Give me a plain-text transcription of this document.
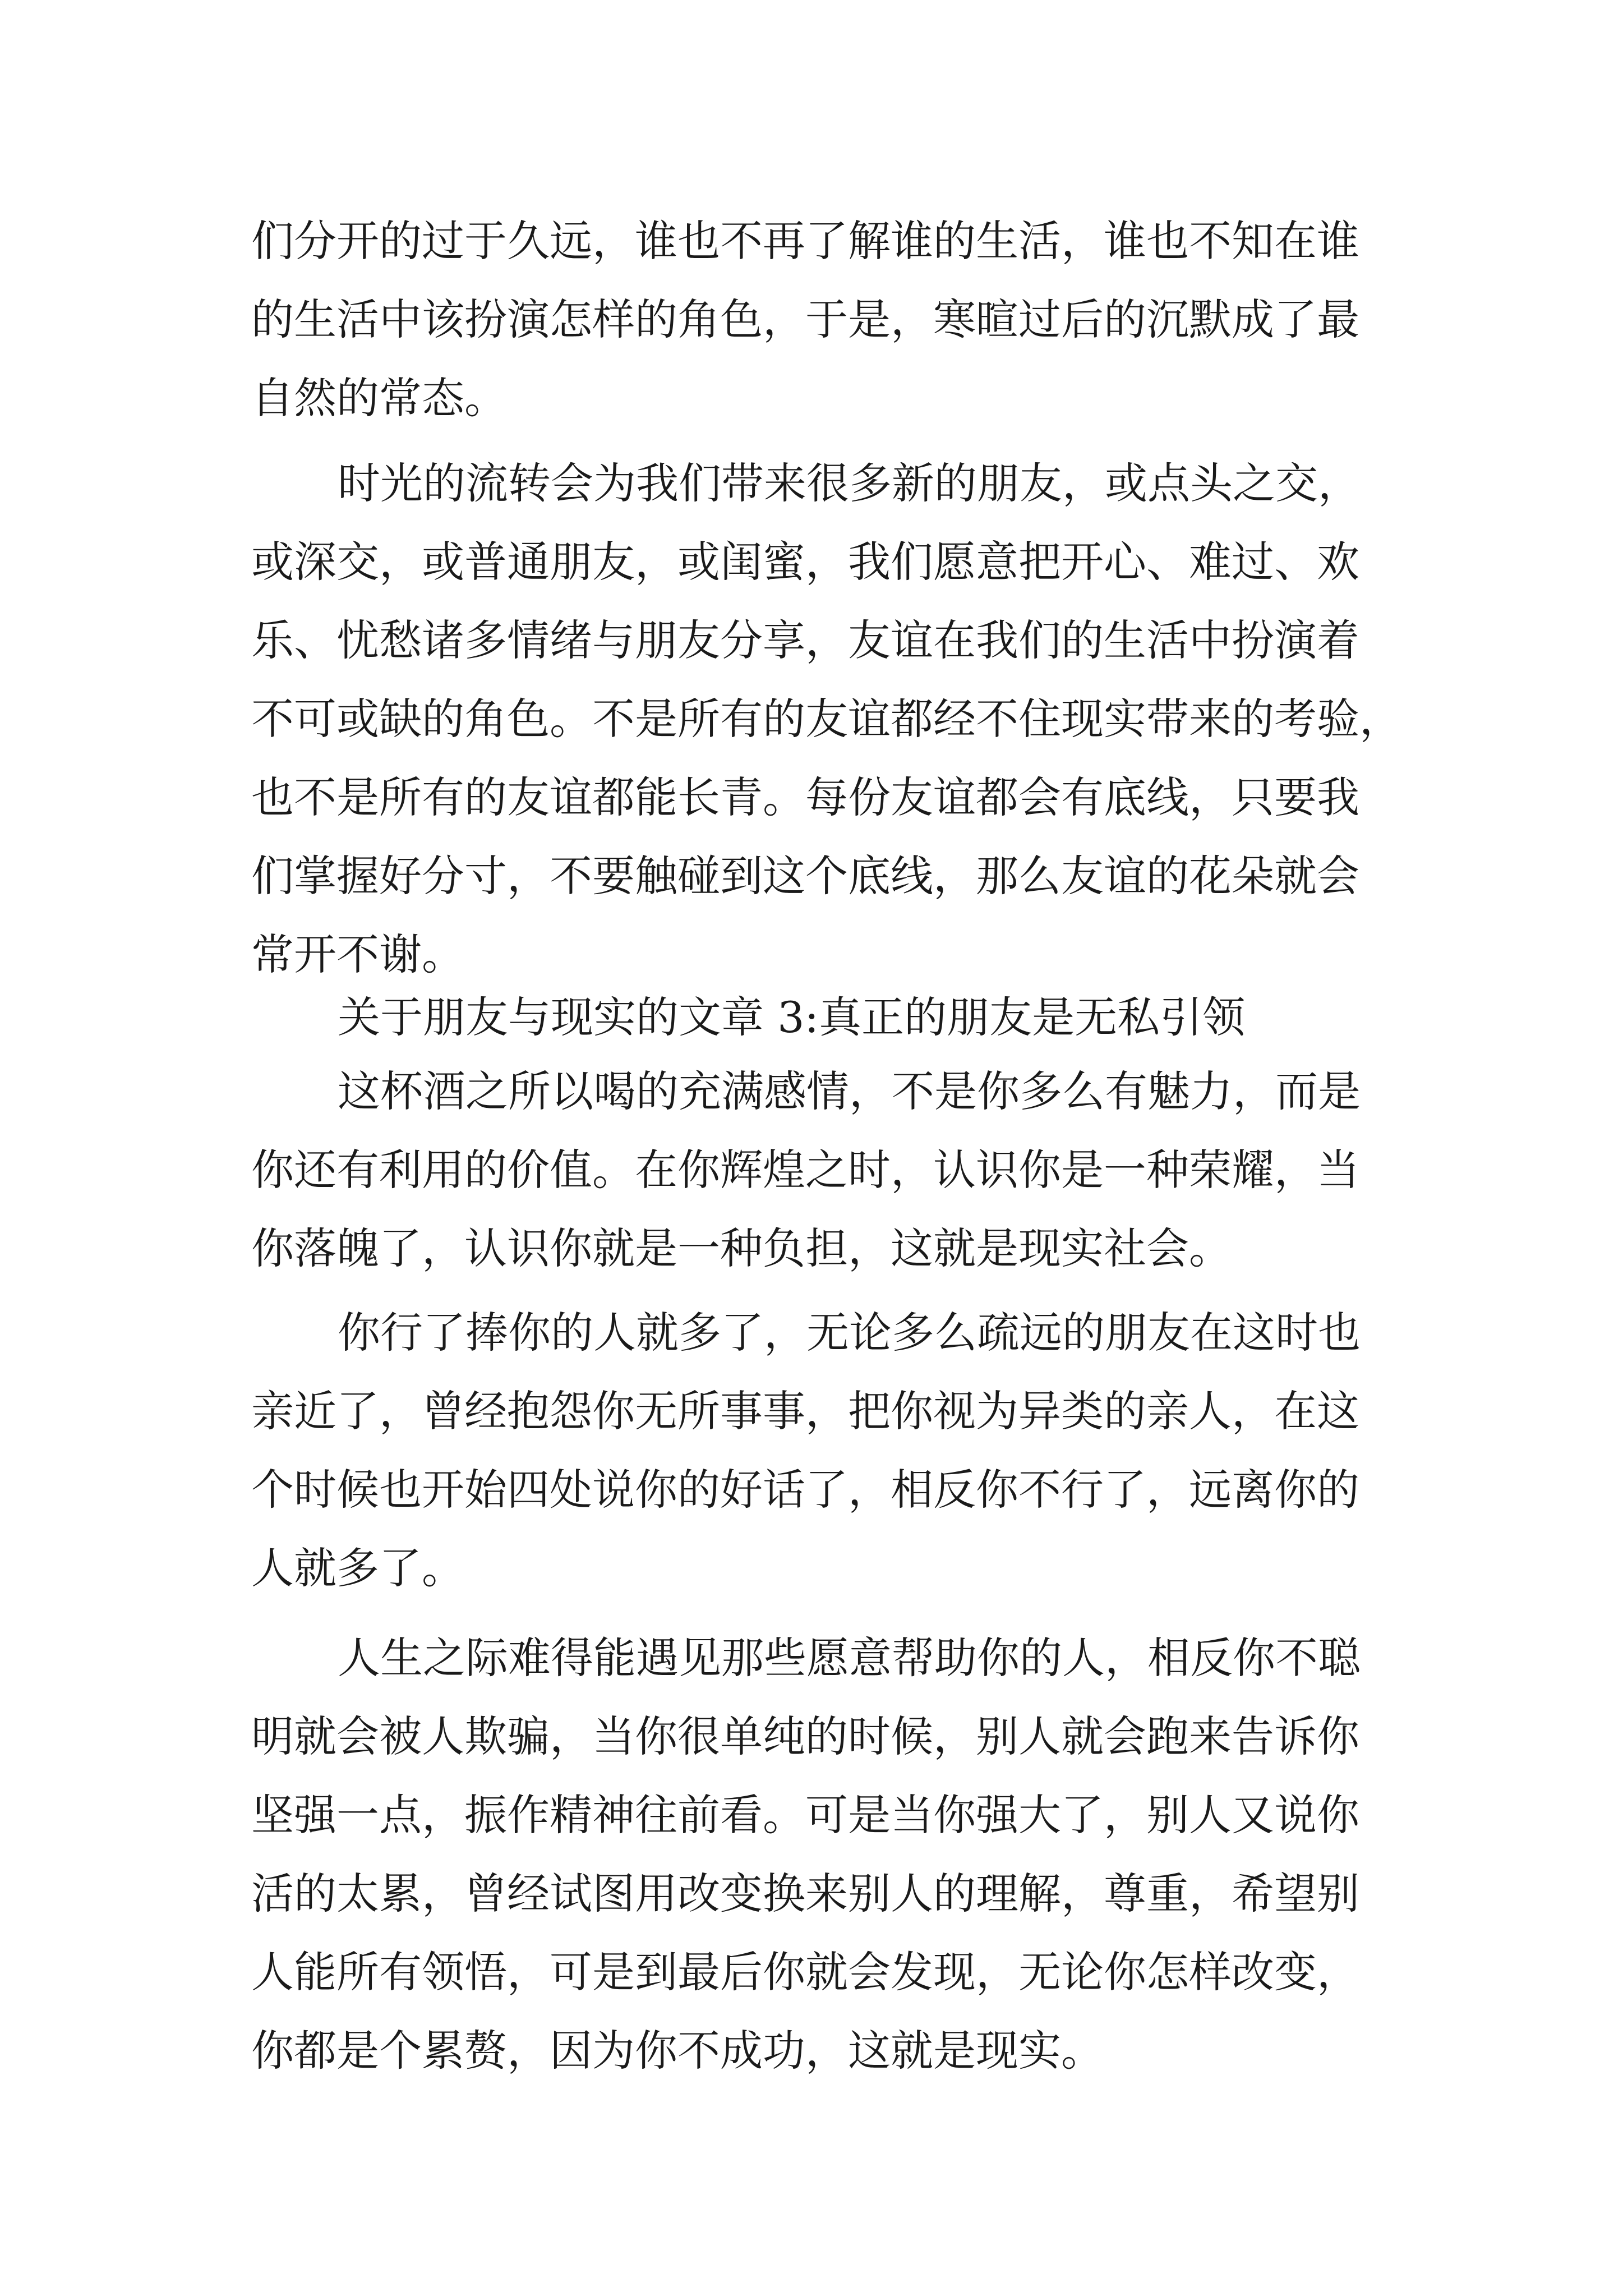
们分开的过于久远，谁也不再了解谁的生活，谁也不知在谁

的生活中该扮演怎样的角色，于是，寒暄过后的沉默成了最

自然的常态。

时光的流转会为我们带来很多新的朋友，或点头之交，

或深交，或普通朋友，或闺蜜，我们愿意把开心、难过、欢

乐、忧愁诸多情绪与朋友分享，友谊在我们的生活中扮演着

不可或缺的角色。不是所有的友谊都经不住现实带来的考验，

也不是所有的友谊都能长青。每份友谊都会有底线，只要我

们掌握好分寸，不要触碰到这个底线，那么友谊的花朵就会

常开不谢。

关于朋友与现实的文章 3:真正的朋友是无私引领

这杯酒之所以喝的充满感情，不是你多么有魅力，而是

你还有利用的价值。在你辉煌之时，认识你是一种荣耀，当

你落魄了，认识你就是一种负担，这就是现实社会。

你行了捧你的人就多了，无论多么疏远的朋友在这时也

亲近了，曾经抱怨你无所事事，把你视为异类的亲人，在这

个时候也开始四处说你的好话了，相反你不行了，远离你的

人就多了。

人生之际难得能遇见那些愿意帮助你的人，相反你不聪

明就会被人欺骗，当你很单纯的时候，别人就会跑来告诉你

坚强一点，振作精神往前看。可是当你强大了，别人又说你

活的太累，曾经试图用改变换来别人的理解，尊重，希望别

人能所有领悟，可是到最后你就会发现，无论你怎样改变，

你都是个累赘，因为你不成功，这就是现实。
